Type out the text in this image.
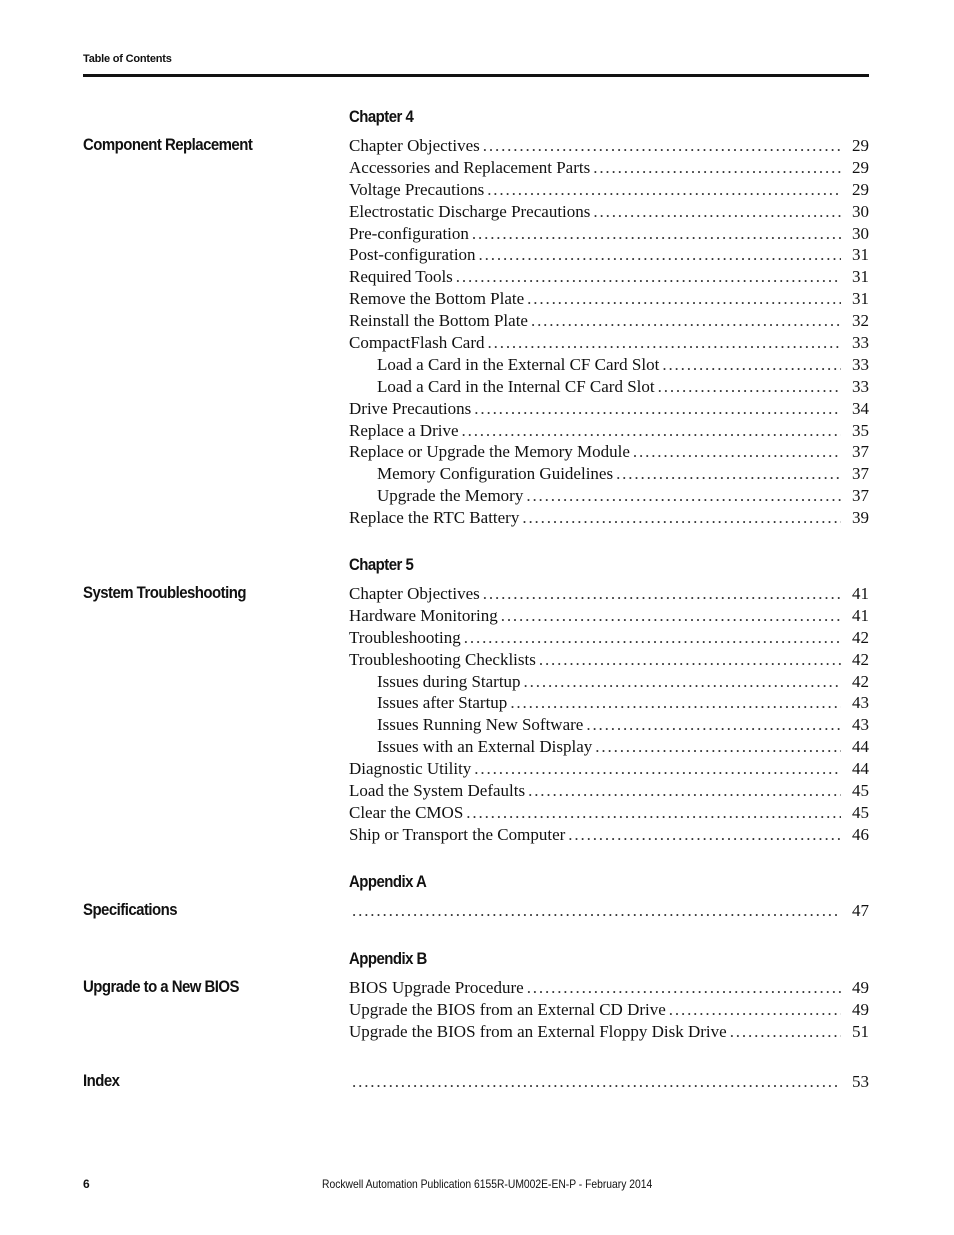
Table of Contents
Chapter 4
Component Replacement	Chapter Objectives . . .	29
Accessories and Replacement Parts . . .	29
Voltage Precautions . . .	29
Electrostatic Discharge Precautions . . .	30
Pre-configuration . . .	30
Post-configuration . . .	31
Required Tools . . .	31
Remove the Bottom Plate . . .	31
Reinstall the Bottom Plate . . .	32
CompactFlash Card . . .	33
Load a Card in the External CF Card Slot . . .	33
Load a Card in the Internal CF Card Slot . . .	33
Drive Precautions . . .	34
Replace a Drive . . .	35
Replace or Upgrade the Memory Module . . .	37
Memory Configuration Guidelines . . .	37
Upgrade the Memory . . .	37
Replace the RTC Battery . . .	39
Chapter 5
System Troubleshooting	Chapter Objectives . . .	41
Hardware Monitoring . . .	41
Troubleshooting . . .	42
Troubleshooting Checklists . . .	42
Issues during Startup . . .	42
Issues after Startup . . .	43
Issues Running New Software . . .	43
Issues with an External Display . . .	44
Diagnostic Utility . . .	44
Load the System Defaults . . .	45
Clear the CMOS . . .	45
Ship or Transport the Computer . . .	46
Appendix A
Specifications . . .	47
Appendix B
Upgrade to a New BIOS	BIOS Upgrade Procedure . . .	49
Upgrade the BIOS from an External CD Drive . . .	49
Upgrade the BIOS from an External Floppy Disk Drive . . .	51
Index . . .	53
6	Rockwell Automation Publication 6155R-UM002E-EN-P - February 2014
